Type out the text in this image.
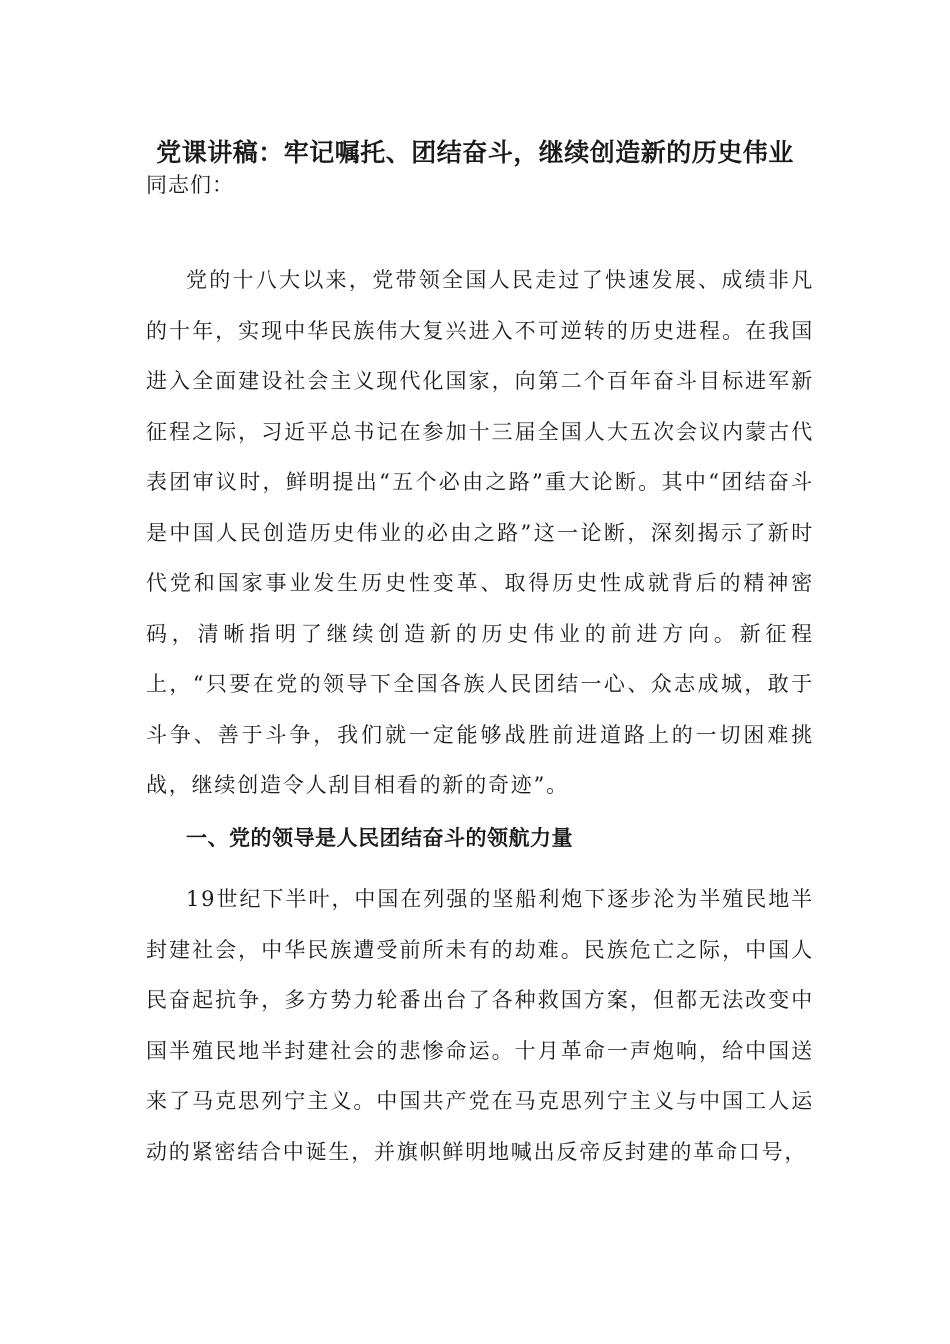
党课讲稿：牢记嘱托、团结奋斗，继续创造新的历史伟业
同志们：

党的十八大以来，党带领全国人民走过了快速发展、成绩非凡的十年，实现中华民族伟大复兴进入不可逆转的历史进程。在我国进入全面建设社会主义现代化国家，向第二个百年奋斗目标进军新征程之际，习近平总书记在参加十三届全国人大五次会议内蒙古代表团审议时，鲜明提出“五个必由之路”重大论断。其中“团结奋斗是中国人民创造历史伟业的必由之路”这一论断，深刻揭示了新时代党和国家事业发生历史性变革、取得历史性成就背后的精神密码，清晰指明了继续创造新的历史伟业的前进方向。新征程上，“只要在党的领导下全国各族人民团结一心、众志成城，敢于斗争、善于斗争，我们就一定能够战胜前进道路上的一切困难挑战，继续创造令人刮目相看的新的奇迹”。

一、党的领导是人民团结奋斗的领航力量

19世纪下半叶，中国在列强的坚船利炮下逐步沦为半殖民地半封建社会，中华民族遭受前所未有的劫难。民族危亡之际，中国人民奋起抗争，多方势力轮番出台了各种救国方案，但都无法改变中国半殖民地半封建社会的悲惨命运。十月革命一声炮响，给中国送来了马克思列宁主义。中国共产党在马克思列宁主义与中国工人运动的紧密结合中诞生，并旗帜鲜明地喊出反帝反封建的革命口号，
